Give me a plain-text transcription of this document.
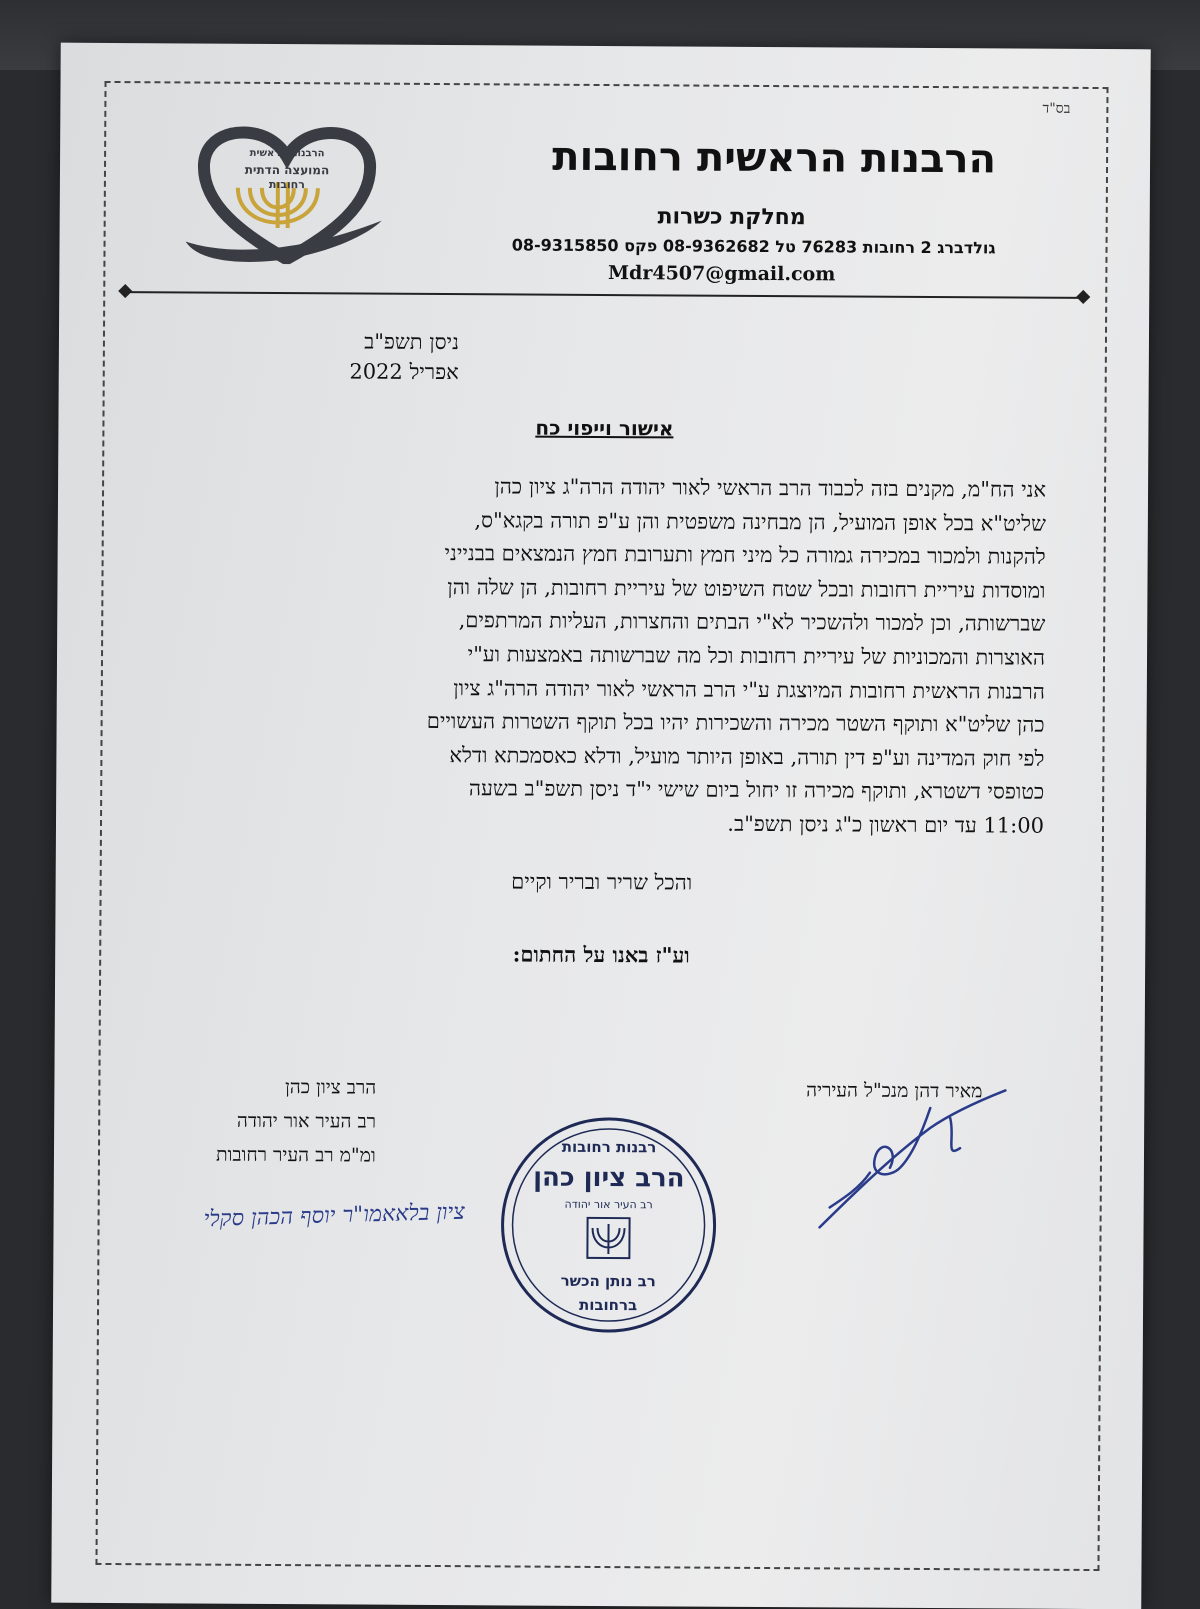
בס"ד
הרבנות הראשית
המועצה הדתית
רחובות
הרבנות הראשית רחובות
מחלקת כשרות
גולדברג 2 רחובות 76283 טל 08-9362682 פקס 08-9315850
Mdr4507@gmail.com
ניסן תשפ"ב
אפריל 2022
אישור וייפוי כח
אני הח"מ, מקנים בזה לכבוד הרב הראשי לאור יהודה הרה"ג ציון כהן
שליט"א בכל אופן המועיל, הן מבחינה משפטית והן ע"פ תורה בקגא"ס,
להקנות ולמכור במכירה גמורה כל מיני חמץ ותערובת חמץ הנמצאים בבנייני
ומוסדות עיריית רחובות ובכל שטח השיפוט של עיריית רחובות, הן שלה והן
שברשותה, וכן למכור ולהשכיר לא"י הבתים והחצרות, העליות המרתפים,
האוצרות והמכוניות של עיריית רחובות וכל מה שברשותה באמצעות וע"י
הרבנות הראשית רחובות המיוצגת ע"י הרב הראשי לאור יהודה הרה"ג ציון
כהן שליט"א ותוקף השטר מכירה והשכירות יהיו בכל תוקף השטרות העשויים
לפי חוק המדינה וע"פ דין תורה, באופן היותר מועיל, ודלא כאסמכתא ודלא
כטופסי דשטרא, ותוקף מכירה זו יחול ביום שישי י"ד ניסן תשפ"ב בשעה
11:00 עד יום ראשון כ"ג ניסן תשפ"ב.
והכל שריר ובריר וקיים
וע"ז באנו על החתום:
מאיר דהן מנכ"ל העיריה
הרב ציון כהן
רב העיר אור יהודה
ומ"מ רב העיר רחובות
ציון בלאאמו"ר יוסף הכהן סקלי
רבנות רחובות
הרב ציון כהן
רב העיר אור יהודה
רב נותן הכשר
ברחובות
